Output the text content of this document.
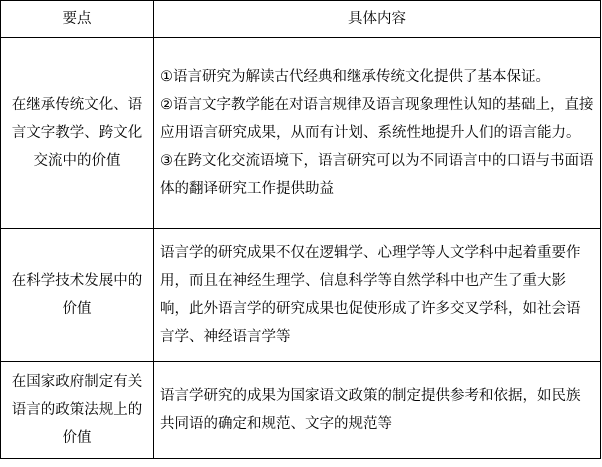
要点	具体内容
在继承传统文化、语言文字教学、跨文化交流中的价值	①语言研究为解读古代经典和继承传统文化提供了基本保证。
②语言文字教学能在对语言规律及语言现象理性认知的基础上，直接应用语言研究成果，从而有计划、系统性地提升人们的语言能力。
③在跨文化交流语境下，语言研究可以为不同语言中的口语与书面语体的翻译研究工作提供助益

在科学技术发展中的价值	语言学的研究成果不仅在逻辑学、心理学等人文学科中起着重要作用，而且在神经生理学、信息科学等自然学科中也产生了重大影响，此外语言学的研究成果也促使形成了许多交叉学科，如社会语言学、神经语言学等

在国家政府制定有关语言的政策法规上的价值	语言学研究的成果为国家语文政策的制定提供参考和依据，如民族共同语的确定和规范、文字的规范等
